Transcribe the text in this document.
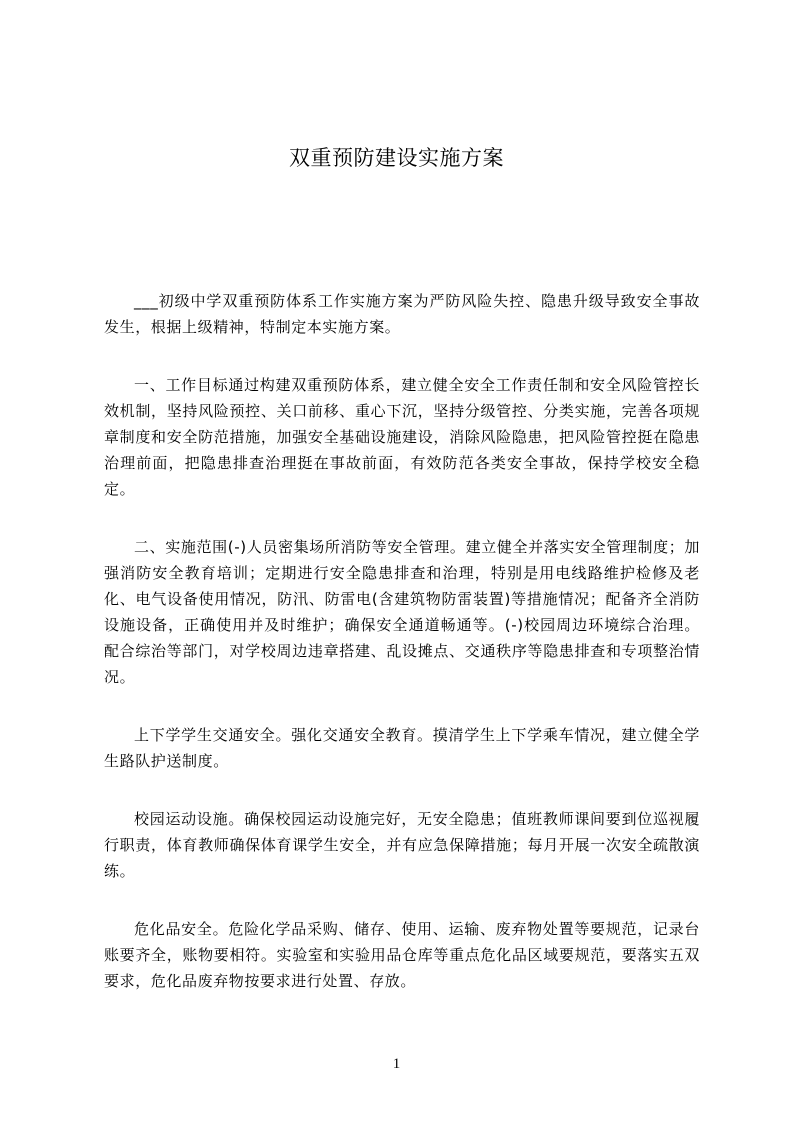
双重预防建设实施方案

___初级中学双重预防体系工作实施方案为严防风险失控、隐患升级导致安全事故发生，根据上级精神，特制定本实施方案。

一、工作目标通过构建双重预防体系，建立健全安全工作责任制和安全风险管控长效机制，坚持风险预控、关口前移、重心下沉，坚持分级管控、分类实施，完善各项规章制度和安全防范措施，加强安全基础设施建设，消除风险隐患，把风险管控挺在隐患治理前面，把隐患排查治理挺在事故前面，有效防范各类安全事故，保持学校安全稳定。

二、实施范围(-)人员密集场所消防等安全管理。建立健全并落实安全管理制度；加强消防安全教育培训；定期进行安全隐患排查和治理，特别是用电线路维护检修及老化、电气设备使用情况，防汛、防雷电(含建筑物防雷装置)等措施情况；配备齐全消防设施设备，正确使用并及时维护；确保安全通道畅通等。(-)校园周边环境综合治理。配合综治等部门，对学校周边违章搭建、乱设摊点、交通秩序等隐患排查和专项整治情况。

上下学学生交通安全。强化交通安全教育。摸清学生上下学乘车情况，建立健全学生路队护送制度。

校园运动设施。确保校园运动设施完好，无安全隐患；值班教师课间要到位巡视履行职责，体育教师确保体育课学生安全，并有应急保障措施；每月开展一次安全疏散演练。

危化品安全。危险化学品采购、储存、使用、运输、废弃物处置等要规范，记录台账要齐全，账物要相符。实验室和实验用品仓库等重点危化品区域要规范，要落实五双要求，危化品废弃物按要求进行处置、存放。

1
